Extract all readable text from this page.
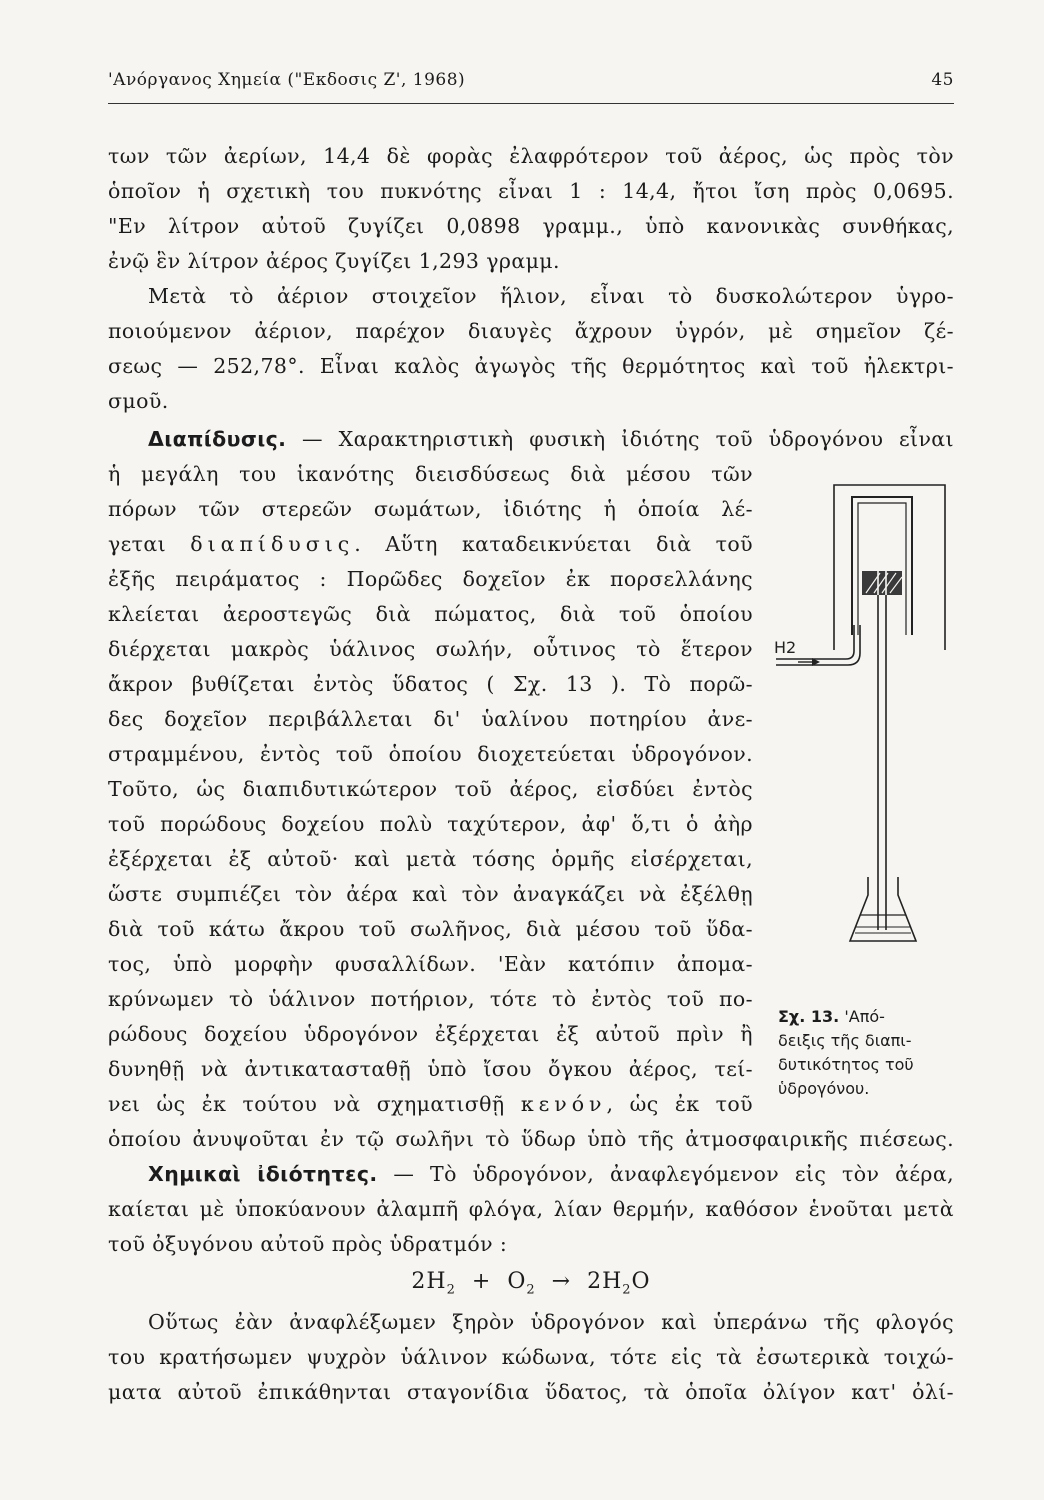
'Ανόργανος Χημεία ("Εκδοσις Ζ', 1968)	45

των τῶν ἀερίων, 14,4 δὲ φορὰς ἐλαφρότερον τοῦ ἀέρος, ὡς πρὸς τὸν

ὁποῖον ἡ σχετικὴ του πυκνότης εἶναι 1 : 14,4, ἤτοι ἴση πρὸς 0,0695.

"Εν λίτρον αὐτοῦ ζυγίζει 0,0898 γραμμ., ὑπὸ κανονικὰς συνθήκας,

ἐνῷ ἓν λίτρον ἀέρος ζυγίζει 1,293 γραμμ.

Μετὰ τὸ ἀέριον στοιχεῖον ἥλιον, εἶναι τὸ δυσκολώτερον ὑγρο-

ποιούμενον ἀέριον, παρέχον διαυγὲς ἄχρουν ὑγρόν, μὲ σημεῖον ζέ-

σεως — 252,78°. Εἶναι καλὸς ἀγωγὸς τῆς θερμότητος καὶ τοῦ ἠλεκτρι-

σμοῦ.

Διαπίδυσις. — Χαρακτηριστικὴ φυσικὴ ἰδιότης τοῦ ὑδρογόνου εἶναι

ἡ μεγάλη του ἱκανότης διεισδύσεως διὰ μέσου τῶν

πόρων τῶν στερεῶν σωμάτων, ἰδιότης ἡ ὁποία λέ-

γεται διαπίδυσις. Αὕτη καταδεικνύεται διὰ τοῦ

ἐξῆς πειράματος : Πορῶδες δοχεῖον ἐκ πορσελλάνης

κλείεται ἀεροστεγῶς διὰ πώματος, διὰ τοῦ ὁποίου

διέρχεται μακρὸς ὑάλινος σωλήν, οὗτινος τὸ ἕτερον

ἄκρον βυθίζεται ἐντὸς ὕδατος ( Σχ. 13 ). Τὸ πορῶ-

δες δοχεῖον περιβάλλεται δι' ὑαλίνου ποτηρίου ἀνε-

στραμμένου, ἐντὸς τοῦ ὁποίου διοχετεύεται ὑδρογόνον.

Τοῦτο, ὡς διαπιδυτικώτερον τοῦ ἀέρος, εἰσδύει ἐντὸς

τοῦ πορώδους δοχείου πολὺ ταχύτερον, ἀφ' ὅ,τι ὁ ἀὴρ

ἐξέρχεται ἐξ αὐτοῦ· καὶ μετὰ τόσης ὁρμῆς εἰσέρχεται,

ὥστε συμπιέζει τὸν ἀέρα καὶ τὸν ἀναγκάζει νὰ ἐξέλθῃ

διὰ τοῦ κάτω ἄκρου τοῦ σωλῆνος, διὰ μέσου τοῦ ὕδα-

τος, ὑπὸ μορφὴν φυσαλλίδων. 'Εὰν κατόπιν ἀπομα-

κρύνωμεν τὸ ὑάλινον ποτήριον, τότε τὸ ἐντὸς τοῦ πο-

ρώδους δοχείου ὑδρογόνον ἐξέρχεται ἐξ αὐτοῦ πρὶν ἢ

δυνηθῇ νὰ ἀντικατασταθῇ ὑπὸ ἴσου ὄγκου ἀέρος, τεί-

νει ὡς ἐκ τούτου νὰ σχηματισθῇ κενόν, ὡς ἐκ τοῦ

ὁποίου ἀνυψοῦται ἐν τῷ σωλῆνι τὸ ὕδωρ ὑπὸ τῆς ἀτμοσφαιρικῆς πιέσεως.

Χημικαὶ ἰδιότητες. — Τὸ ὑδρογόνον, ἀναφλεγόμενον εἰς τὸν ἀέρα,

καίεται μὲ ὑποκύανουν ἀλαμπῆ φλόγα, λίαν θερμήν, καθόσον ἑνοῦται μετὰ

τοῦ ὀξυγόνου αὐτοῦ πρὸς ὑδρατμόν :

$2H_2 + O_2 \to 2H_2O$

Οὕτως ἐὰν ἀναφλέξωμεν ξηρὸν ὑδρογόνον καὶ ὑπεράνω τῆς φλογός

του κρατήσωμεν ψυχρὸν ὑάλινον κώδωνα, τότε εἰς τὰ ἐσωτερικὰ τοιχώ-

ματα αὐτοῦ ἐπικάθηνται σταγονίδια ὕδατος, τὰ ὁποῖα ὀλίγον κατ' ὀλί-

H2
Σχ. 13. 'Από-
δειξις τῆς διαπι-
δυτικότητος τοῦ
ὑδρογόνου.
